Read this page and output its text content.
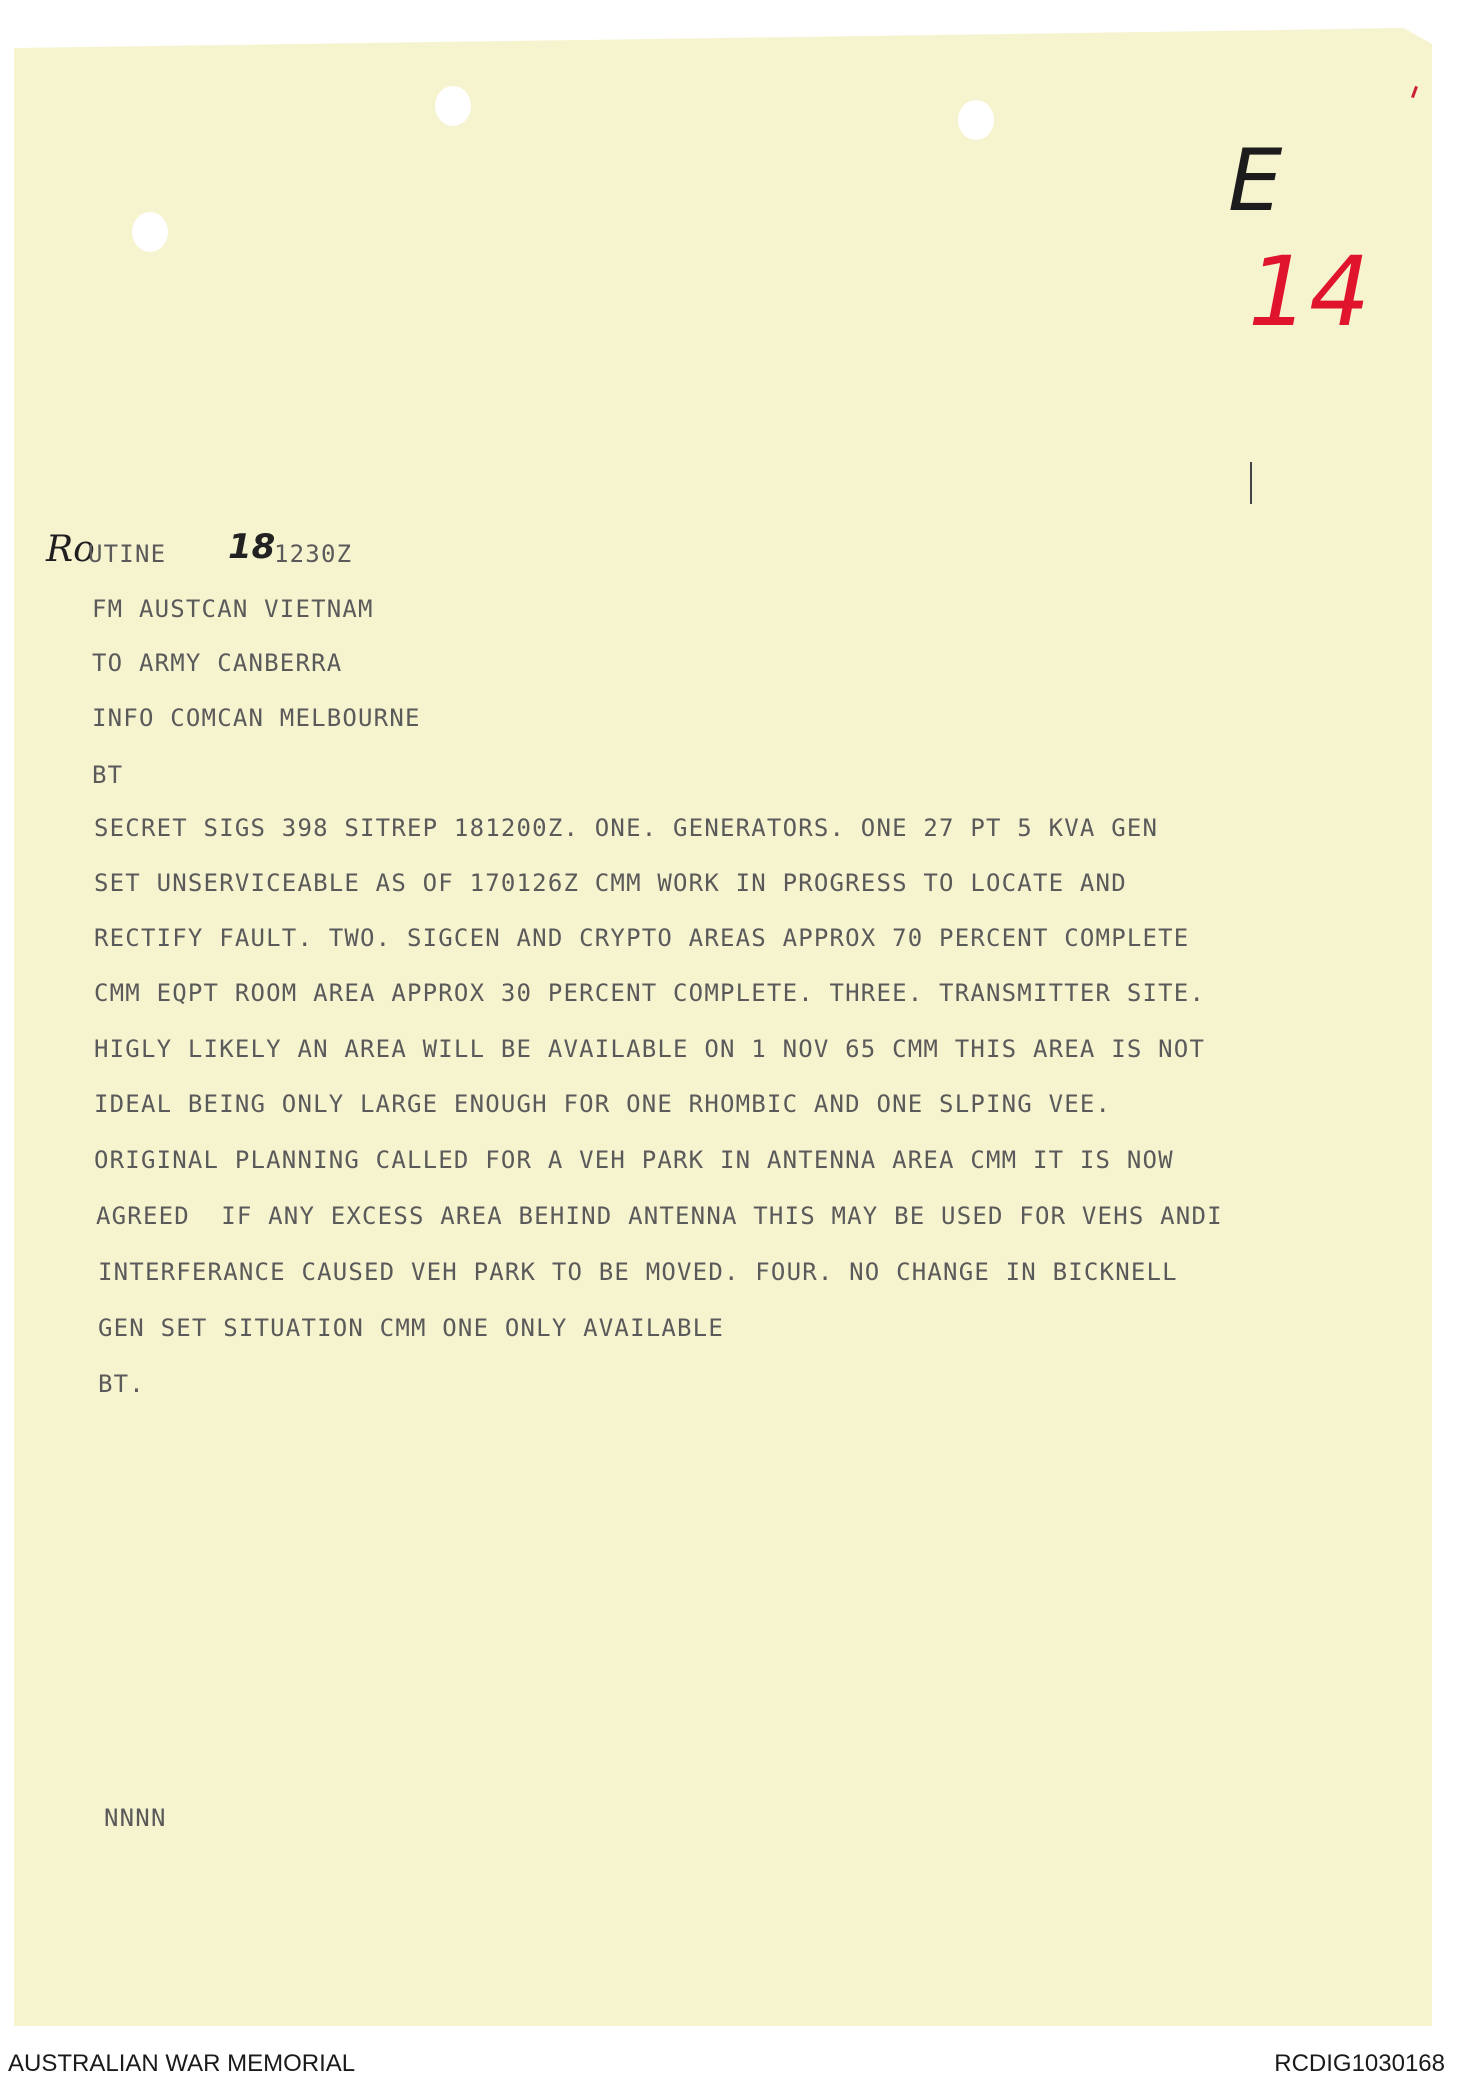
E
14
Ro
UTINE 18
1230Z
FM AUSTCAN VIETNAM
TO ARMY CANBERRA
INFO COMCAN MELBOURNE
BT
SECRET SIGS 398 SITREP 181200Z. ONE. GENERATORS. ONE 27 PT 5 KVA GEN
SET UNSERVICEABLE AS OF 170126Z CMM WORK IN PROGRESS TO LOCATE AND
RECTIFY FAULT. TWO. SIGCEN AND CRYPTO AREAS APPROX 70 PERCENT COMPLETE
CMM EQPT ROOM AREA APPROX 30 PERCENT COMPLETE. THREE. TRANSMITTER SITE.
HIGLY LIKELY AN AREA WILL BE AVAILABLE ON 1 NOV 65 CMM THIS AREA IS NOT
IDEAL BEING ONLY LARGE ENOUGH FOR ONE RHOMBIC AND ONE SLPING VEE.
ORIGINAL PLANNING CALLED FOR A VEH PARK IN ANTENNA AREA CMM IT IS NOW
AGREED  IF ANY EXCESS AREA BEHIND ANTENNA THIS MAY BE USED FOR VEHS ANDI
INTERFERANCE CAUSED VEH PARK TO BE MOVED. FOUR. NO CHANGE IN BICKNELL
GEN SET SITUATION CMM ONE ONLY AVAILABLE
BT.
NNNN
AUSTRALIAN WAR MEMORIAL	RCDIG1030168
